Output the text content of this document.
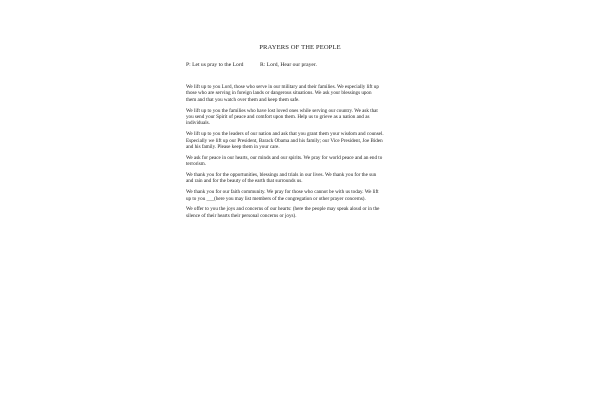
PRAYERS OF THE PEOPLE
P: Let us pray to the Lord	R: Lord, Hear our prayer.

We lift up to you Lord, those who serve in our military and their families. We especially lift up
those who are serving in foreign lands or dangerous situations. We ask your blessings upon
them and that you watch over them and keep them safe.

We lift up to you the families who have lost loved ones while serving our country. We ask that
you send your Spirit of peace and comfort upon them. Help us to grieve as a nation and as
individuals.

We lift up to you the leaders of our nation and ask that you grant them your wisdom and counsel.
Especially we lift up our President, Barack Obama and his family; our Vice President, Joe Biden
and his family. Please keep them in your care.

We ask for peace in our hearts, our minds and our spirits. We pray for world peace and an end to
terrorism.

We thank you for the opportunities, blessings and trials in our lives. We thank you for the sun
and rain and for the beauty of the earth that surrounds us.

We thank you for our faith community. We pray for those who cannot be with us today. We lift
up to you ___(here you may list members of the congregation or other prayer concerns).

We offer to you the joys and concerns of our hearts: (here the people may speak aloud or in the
silence of their hearts their personal concerns or joys).
